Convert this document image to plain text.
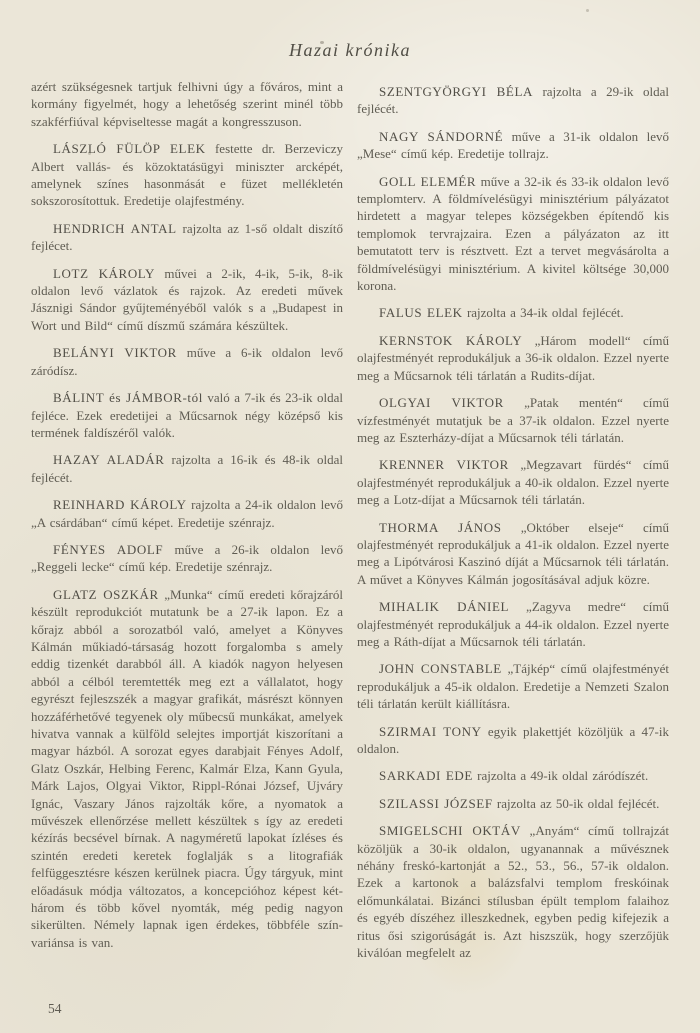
Hazai krónika

azért szükségesnek tartjuk felhivni úgy a főváros, mint a kormány figyelmét, hogy a lehetőség szerint minél több szakférfiúval képviseltesse magát a kongresszuson.

LÁSZLÓ FÜLÖP ELEK festette dr. Berzeviczy Albert vallás- és közoktatásügyi miniszter arcképét, amelynek színes hasonmását e füzet mellékletén sokszorosítottuk. Eredetije olajfestmény.

HENDRICH ANTAL rajzolta az 1-ső oldalt diszítő fejlécet.

LOTZ KÁROLY művei a 2-ik, 4-ik, 5-ik, 8-ik oldalon levő vázlatok és rajzok. Az eredeti művek Jásznigi Sándor gyűjteményéből valók s a „Budapest in Wort und Bild“ című díszmű számára készültek.

BELÁNYI VIKTOR műve a 6-ik oldalon levő záródísz.

BÁLINT és JÁMBOR-tól való a 7-ik és 23-ik oldal fejléce. Ezek eredetijei a Műcsarnok négy középső kis termének faldíszéről valók.

HAZAY ALADÁR rajzolta a 16-ik és 48-ik oldal fejlécét.

REINHARD KÁROLY rajzolta a 24-ik oldalon levő „A csárdában“ című képet. Eredetije szénrajz.

FÉNYES ADOLF műve a 26-ik oldalon levő „Reggeli lecke“ című kép. Eredetije szénrajz.

GLATZ OSZKÁR „Munka“ című eredeti kőrajzáról készült reprodukciót mutatunk be a 27-ik lapon. Ez a kőrajz abból a sorozatból való, amelyet a Könyves Kálmán műkiadó-társaság hozott forgalomba s amely eddig tizenkét darabból áll. A kiadók nagyon helyesen abból a célból teremtették meg ezt a vállalatot, hogy egyrészt fejleszszék a magyar grafikát, másrészt könnyen hozzáférhetővé tegyenek oly műbecsű munkákat, amelyek hivatva vannak a külföld selejtes importját kiszorítani a magyar házból. A sorozat egyes darabjait Fényes Adolf, Glatz Oszkár, Helbing Ferenc, Kalmár Elza, Kann Gyula, Márk Lajos, Olgyai Viktor, Rippl-Rónai József, Ujváry Ignác, Vaszary János rajzolták kőre, a nyomatok a művészek ellenőrzése mellett készültek s így az eredeti kézírás becsével bírnak. A nagyméretű lapokat ízléses és szintén eredeti keretek foglalják s a litografiák felfüggesztésre készen kerülnek piacra. Úgy tárgyuk, mint előadásuk módja változatos, a koncepcióhoz képest két-három és több kővel nyomták, még pedig nagyon sikerülten. Némely lapnak igen érdekes, többféle szín-variánsa is van.

SZENTGYÖRGYI BÉLA rajzolta a 29-ik oldal fejlécét.

NAGY SÁNDORNÉ műve a 31-ik oldalon levő „Mese“ című kép. Eredetije tollrajz.

GOLL ELEMÉR műve a 32-ik és 33-ik oldalon levő templomterv. A földmívelésügyi minisztérium pályázatot hirdetett a magyar telepes községekben építendő kis templomok tervrajzaira. Ezen a pályázaton az itt bemutatott terv is résztvett. Ezt a tervet megvásárolta a földmívelésügyi minisztérium. A kivitel költsége 30,000 korona.

FALUS ELEK rajzolta a 34-ik oldal fejlécét.

KERNSTOK KÁROLY „Három modell“ című olajfestményét reprodukáljuk a 36-ik oldalon. Ezzel nyerte meg a Műcsarnok téli tárlatán a Rudits-díjat.

OLGYAI VIKTOR „Patak mentén“ című vízfestményét mutatjuk be a 37-ik oldalon. Ezzel nyerte meg az Eszterházy-díjat a Műcsarnok téli tárlatán.

KRENNER VIKTOR „Megzavart fürdés“ című olajfestményét reprodukáljuk a 40-ik oldalon. Ezzel nyerte meg a Lotz-díjat a Műcsarnok téli tárlatán.

THORMA JÁNOS „Október elseje“ című olajfestményét reprodukáljuk a 41-ik oldalon. Ezzel nyerte meg a Lipótvárosi Kaszinó díját a Műcsarnok téli tárlatán. A művet a Könyves Kálmán jogosításával adjuk közre.

MIHALIK DÁNIEL „Zagyva medre“ című olajfestményét reprodukáljuk a 44-ik oldalon. Ezzel nyerte meg a Ráth-díjat a Műcsarnok téli tárlatán.

JOHN CONSTABLE „Tájkép“ című olajfestményét reprodukáljuk a 45-ik oldalon. Eredetije a Nemzeti Szalon téli tárlatán került kiállításra.

SZIRMAI TONY egyik plakettjét közöljük a 47-ik oldalon.

SARKADI EDE rajzolta a 49-ik oldal záródíszét.

SZILASSI JÓZSEF rajzolta az 50-ik oldal fejlécét.

SMIGELSCHI OKTÁV „Anyám“ című tollrajzát közöljük a 30-ik oldalon, ugyanannak a művésznek néhány freskó-kartonját a 52., 53., 56., 57-ik oldalon. Ezek a kartonok a balázsfalvi templom freskóinak előmunkálatai. Bizánci stílusban épült templom falaihoz és egyéb díszéhez illeszkednek, egyben pedig kifejezik a ritus ősi szigorúságát is. Azt hiszszük, hogy szerzőjük kiválóan megfelelt az

54
